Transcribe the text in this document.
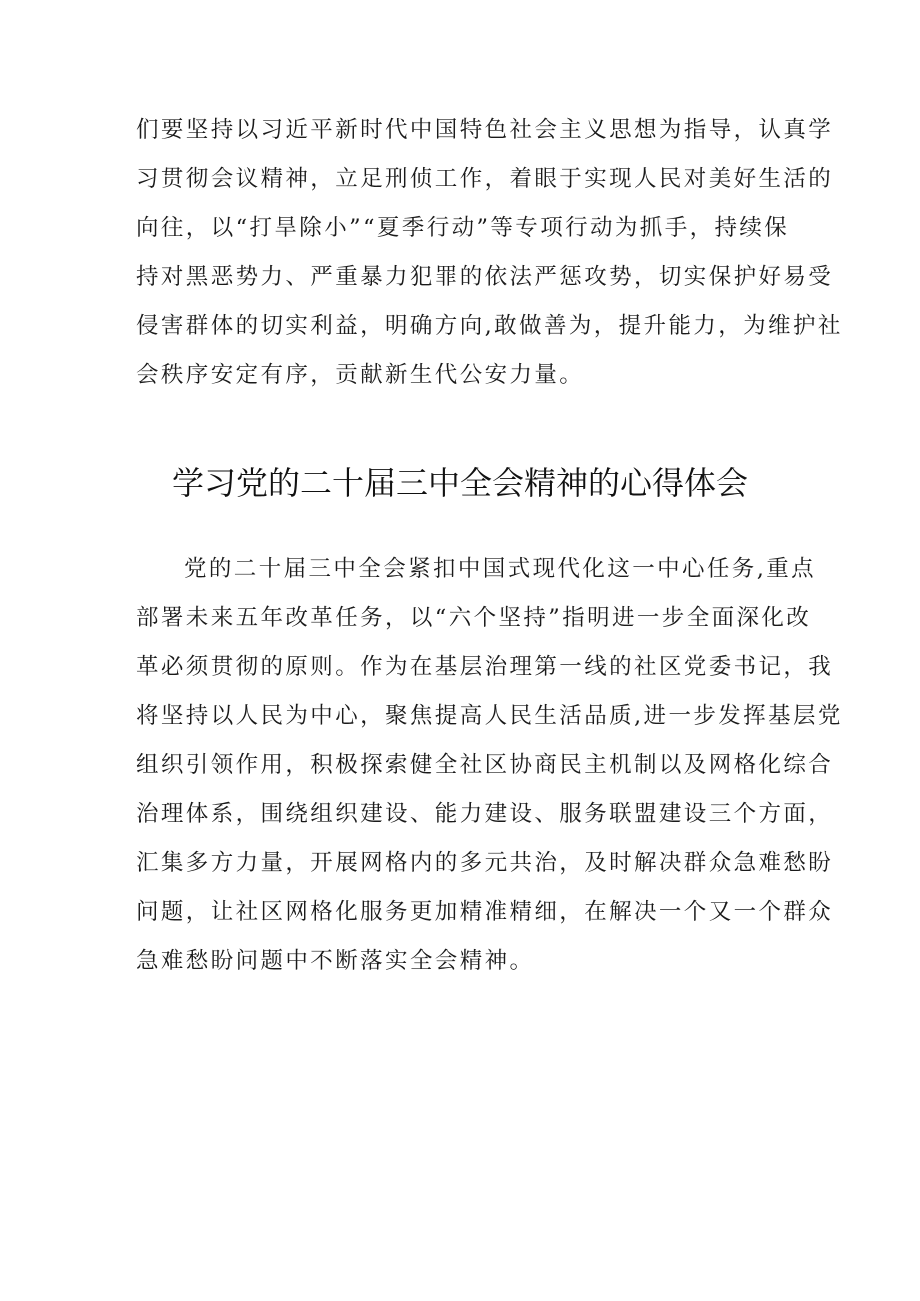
们要坚持以习近平新时代中国特色社会主义思想为指导，认真学
习贯彻会议精神，立足刑侦工作，着眼于实现人民对美好生活的
向往，以“打旱除小”“夏季行动”等专项行动为抓手，持续保
持对黑恶势力、严重暴力犯罪的依法严惩攻势，切实保护好易受
侵害群体的切实利益，明确方向,敢做善为，提升能力，为维护社
会秩序安定有序，贡献新生代公安力量。
学习党的二十届三中全会精神的心得体会
党的二十届三中全会紧扣中国式现代化这一中心任务,重点
部署未来五年改革任务，以“六个坚持”指明进一步全面深化改
革必须贯彻的原则。作为在基层治理第一线的社区党委书记，我
将坚持以人民为中心，聚焦提高人民生活品质,进一步发挥基层党
组织引领作用，积极探索健全社区协商民主机制以及网格化综合
治理体系，围绕组织建设、能力建设、服务联盟建设三个方面，
汇集多方力量，开展网格内的多元共治，及时解决群众急难愁盼
问题，让社区网格化服务更加精准精细，在解决一个又一个群众
急难愁盼问题中不断落实全会精神。
